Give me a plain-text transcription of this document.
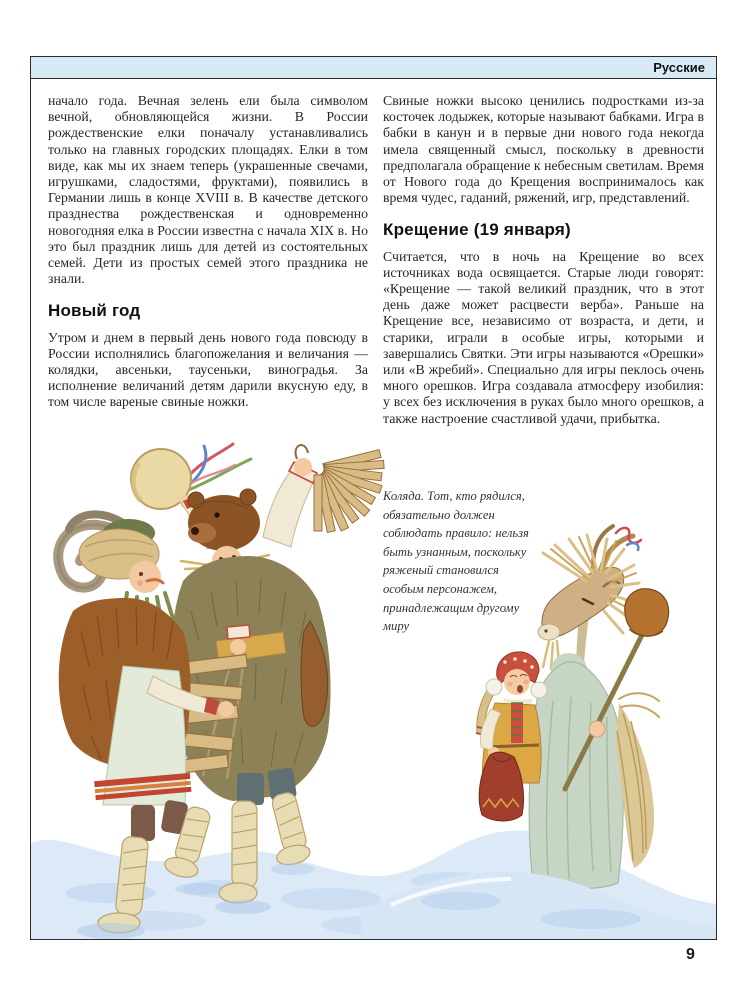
Русские

начало года. Вечная зелень ели была символом вечной, обновляющейся жизни. В России рождественские елки поначалу устанавливались только на главных городских площадях. Елки в том виде, как мы их знаем теперь (украшенные свечами, игрушками, сладостями, фруктами), появились в Германии лишь в конце XVIII в. В качестве детского празднества рождественская и одновременно новогодняя елка в России известна с начала XIX в. Но это был праздник лишь для детей из состоятельных семей. Дети из простых семей этого праздника не знали.

Новый год

Утром и днем в первый день нового года повсюду в России исполнялись благопожелания и величания — колядки, авсеньки, таусеньки, виноградья. За исполнение величаний детям дарили вкусную еду, в том числе вареные свиные ножки.

Свиные ножки высоко ценились подростками из-за косточек лодыжек, которые называют бабками. Игра в бабки в канун и в первые дни нового года некогда имела священный смысл, поскольку в древности предполагала обращение к небесным светилам. Время от Нового года до Крещения воспринималось как время чудес, гаданий, ряжений, игр, представлений.

Крещение (19 января)

Считается, что в ночь на Крещение во всех источниках вода освящается. Старые люди говорят: «Крещение — такой великий праздник, что в этот день даже может расцвести верба». Раньше на Крещение все, независимо от возраста, и дети, и старики, играли в особые игры, которыми и завершались Святки. Эти игры называются «Орешки» или «В жребий». Специально для игры пеклось очень много орешков. Игра создавала атмосферу изобилия: у всех без исключения в руках было много орешков, а также настроение счастливой удачи, прибытка.

Коляда. Тот, кто рядился, обязательно должен соблюдать правило: нельзя быть узнанным, поскольку ряженый становился особым персонажем, принадлежащим другому миру
9
